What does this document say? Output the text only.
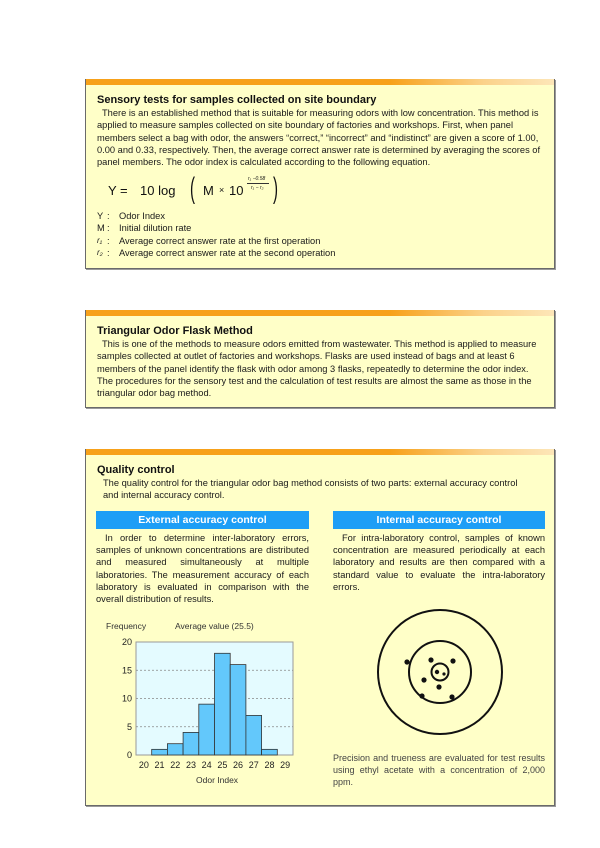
Sensory tests for samples collected on site boundary
There is an established method that is suitable for measuring odors with low concentration. This method is applied to measure samples collected on site boundary of factories and workshops. First, when panel members select a bag with odor, the answers “correct,” “incorrect” and “indistinct” are given a score of 1.00, 0.00 and 0.33, respectively. Then, the average correct answer rate is determined by averaging the scores of panel members. The odor index is calculated according to the following equation.
Y = 10 log ( M × 10
r₁ −0.58
r₁ − r₂ )
Y :	Odor Index
M :	Initial dilution rate
r₁ :	Average correct answer rate at the first operation
r₂ :	Average correct answer rate at the second operation
Triangular Odor Flask Method
This is one of the methods to measure odors emitted from wastewater. This method is applied to measure samples collected at outlet of factories and workshops. Flasks are used instead of bags and at least 6 members of the panel identify the flask with odor among 3 flasks, repeatedly to determine the odor index. The procedures for the sensory test and the calculation of test results are almost the same as those in the triangular odor bag method.
Quality control
The quality control for the triangular odor bag method consists of two parts: external accuracy control and internal accuracy control.
External accuracy control	Internal accuracy control
In order to determine inter-laboratory errors, samples of unknown concentrations are distributed and measured simultaneously at multiple laboratories. The measurement accuracy of each laboratory is evaluated in comparison with the overall distribution of results.
For intra-laboratory control, samples of known concentration are measured periodically at each laboratory and results are then compared with a standard value to evaluate the intra-laboratory errors.
Frequency	Average value (25.5)
Odor Index
0
5
10
15
20
20 21 22 23 24 25 26 27 28 29
Precision and trueness are evaluated for test results using ethyl acetate with a concentration of 2,000 ppm.
